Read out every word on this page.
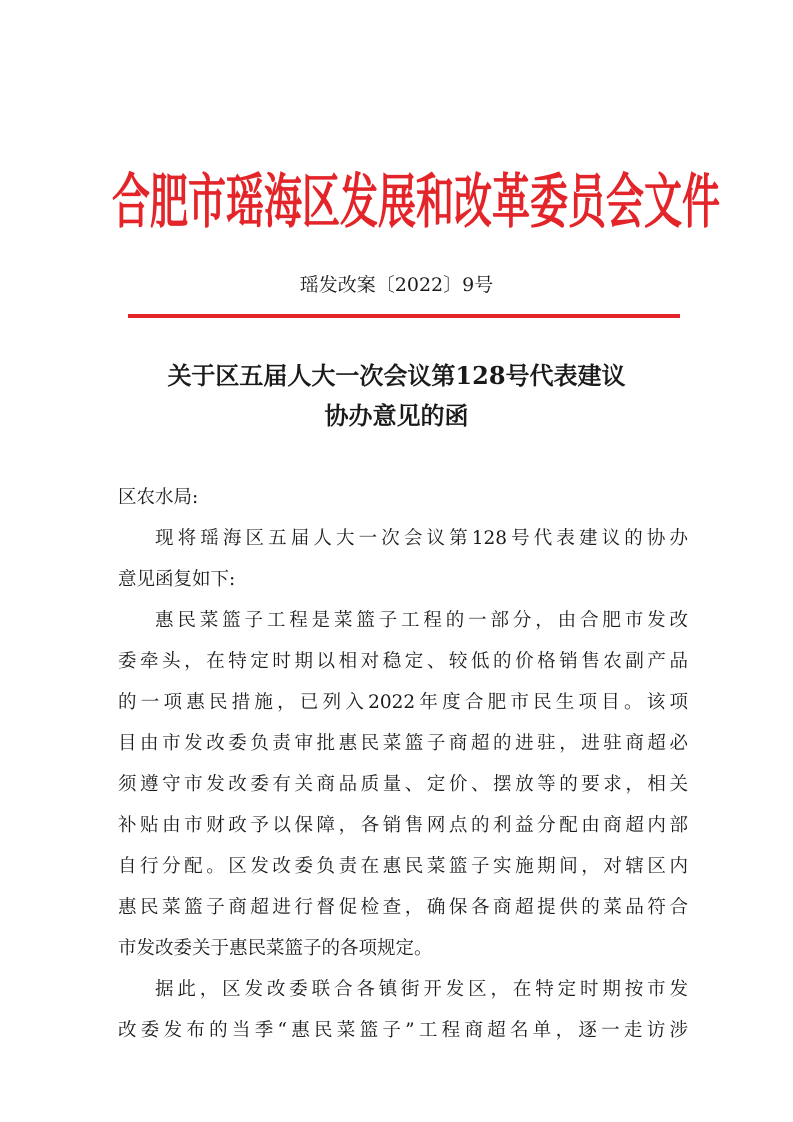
合肥市瑶海区发展和改革委员会文件
瑶发改案〔2022〕9号
关于区五届人大一次会议第128号代表建议
协办意见的函
区农水局:
现将瑶海区五届人大一次会议第128号代表建议的协办
意见函复如下:
惠民菜篮子工程是菜篮子工程的一部分，由合肥市发改
委牵头，在特定时期以相对稳定、较低的价格销售农副产品
的一项惠民措施，已列入2022年度合肥市民生项目。该项
目由市发改委负责审批惠民菜篮子商超的进驻，进驻商超必
须遵守市发改委有关商品质量、定价、摆放等的要求，相关
补贴由市财政予以保障，各销售网点的利益分配由商超内部
自行分配。区发改委负责在惠民菜篮子实施期间，对辖区内
惠民菜篮子商超进行督促检查，确保各商超提供的菜品符合
市发改委关于惠民菜篮子的各项规定。
据此，区发改委联合各镇街开发区，在特定时期按市发
改委发布的当季“惠民菜篮子”工程商超名单，逐一走访涉
